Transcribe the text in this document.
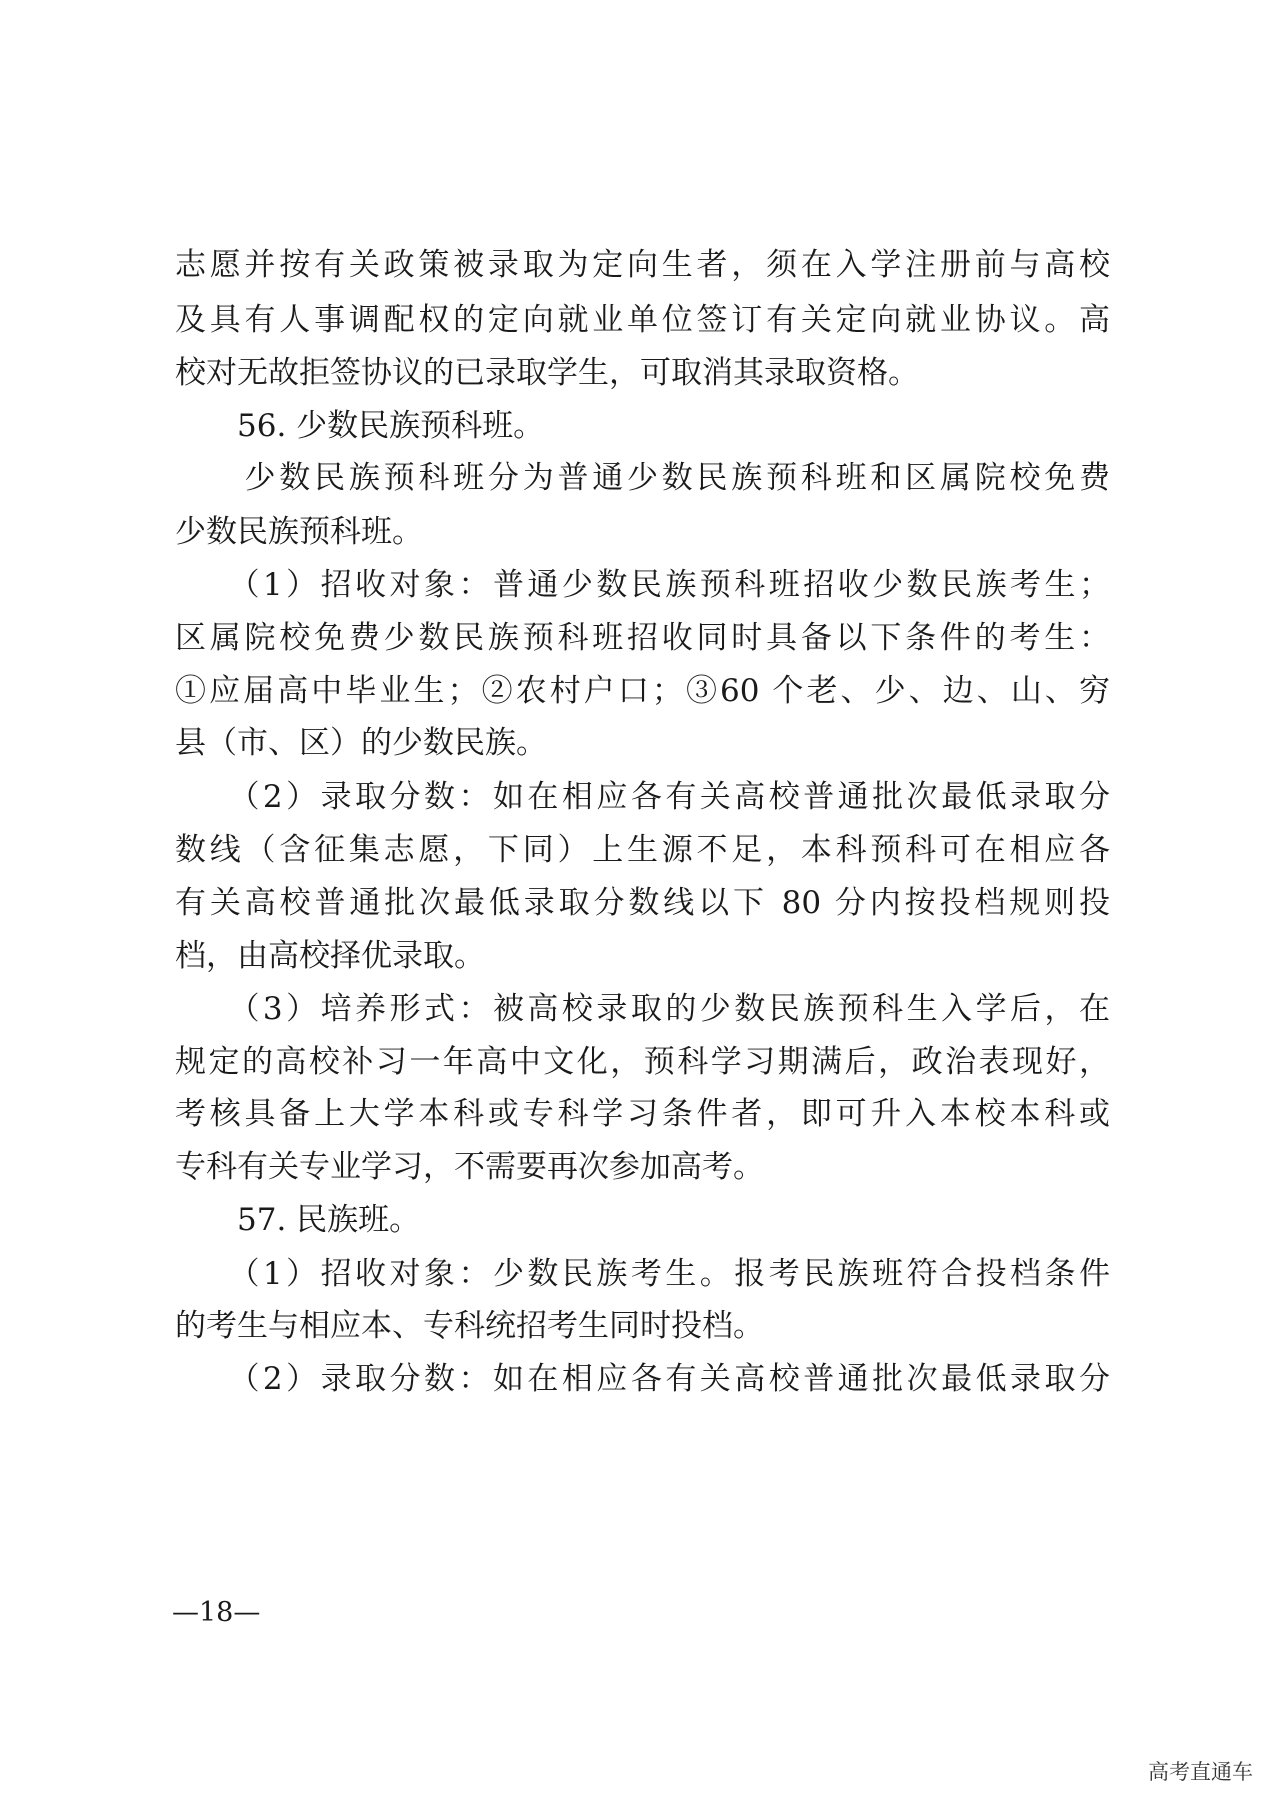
志愿并按有关政策被录取为定向生者，须在入学注册前与高校
及具有人事调配权的定向就业单位签订有关定向就业协议。高
校对无故拒签协议的已录取学生，可取消其录取资格。
　　56. 少数民族预科班。
　　少数民族预科班分为普通少数民族预科班和区属院校免费
少数民族预科班。
　　（1）招收对象：普通少数民族预科班招收少数民族考生；
区属院校免费少数民族预科班招收同时具备以下条件的考生：
①应届高中毕业生；②农村户口；③60 个老、少、边、山、穷
县（市、区）的少数民族。
　　（2）录取分数：如在相应各有关高校普通批次最低录取分
数线（含征集志愿，下同）上生源不足，本科预科可在相应各
有关高校普通批次最低录取分数线以下 80 分内按投档规则投
档，由高校择优录取。
　　（3）培养形式：被高校录取的少数民族预科生入学后，在
规定的高校补习一年高中文化，预科学习期满后，政治表现好，
考核具备上大学本科或专科学习条件者，即可升入本校本科或
专科有关专业学习，不需要再次参加高考。
　　57. 民族班。
　　（1）招收对象：少数民族考生。报考民族班符合投档条件
的考生与相应本、专科统招考生同时投档。
　　（2）录取分数：如在相应各有关高校普通批次最低录取分
—18—
高考直通车
